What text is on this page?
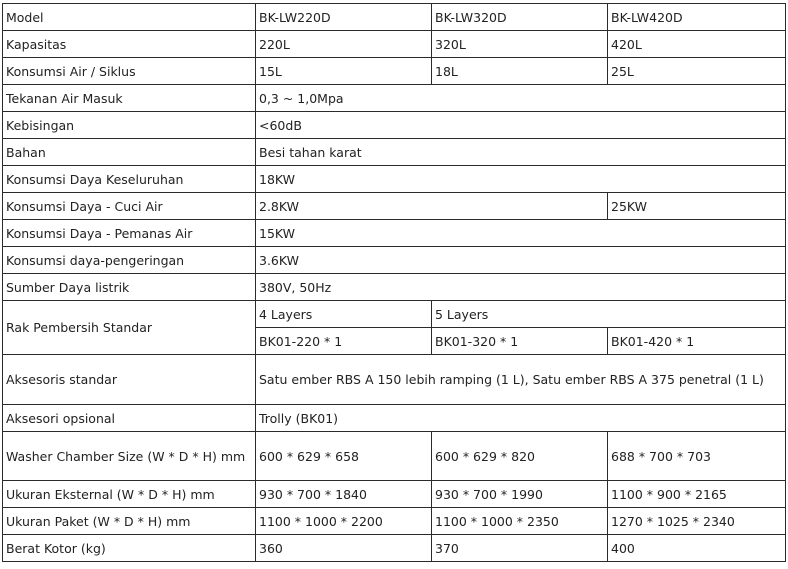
Model	BK-LW220D	BK-LW320D	BK-LW420D
Kapasitas	220L	320L	420L
Konsumsi Air / Siklus	15L	18L	25L
Tekanan Air Masuk	0,3 ~ 1,0Mpa		
Kebisingan	<60dB		
Bahan	Besi tahan karat		
Konsumsi Daya Keseluruhan	18KW		
Konsumsi Daya - Cuci Air	2.8KW		25KW
Konsumsi Daya - Pemanas Air	15KW		
Konsumsi daya-pengeringan	3.6KW		
Sumber Daya listrik	380V, 50Hz		
Rak Pembersih Standar	4 Layers	5 Layers	
	BK01-220 * 1	BK01-320 * 1	BK01-420 * 1
Aksesoris standar	Satu ember RBS A 150 lebih ramping (1 L), Satu ember RBS A 375 penetral (1 L)		
Aksesori opsional	Trolly (BK01)		
Washer Chamber Size (W * D * H) mm	600 * 629 * 658	600 * 629 * 820	688 * 700 * 703
Ukuran Eksternal (W * D * H) mm	930 * 700 * 1840	930 * 700 * 1990	1100 * 900 * 2165
Ukuran Paket (W * D * H) mm	1100 * 1000 * 2200	1100 * 1000 * 2350	1270 * 1025 * 2340
Berat Kotor (kg)	360	370	400
